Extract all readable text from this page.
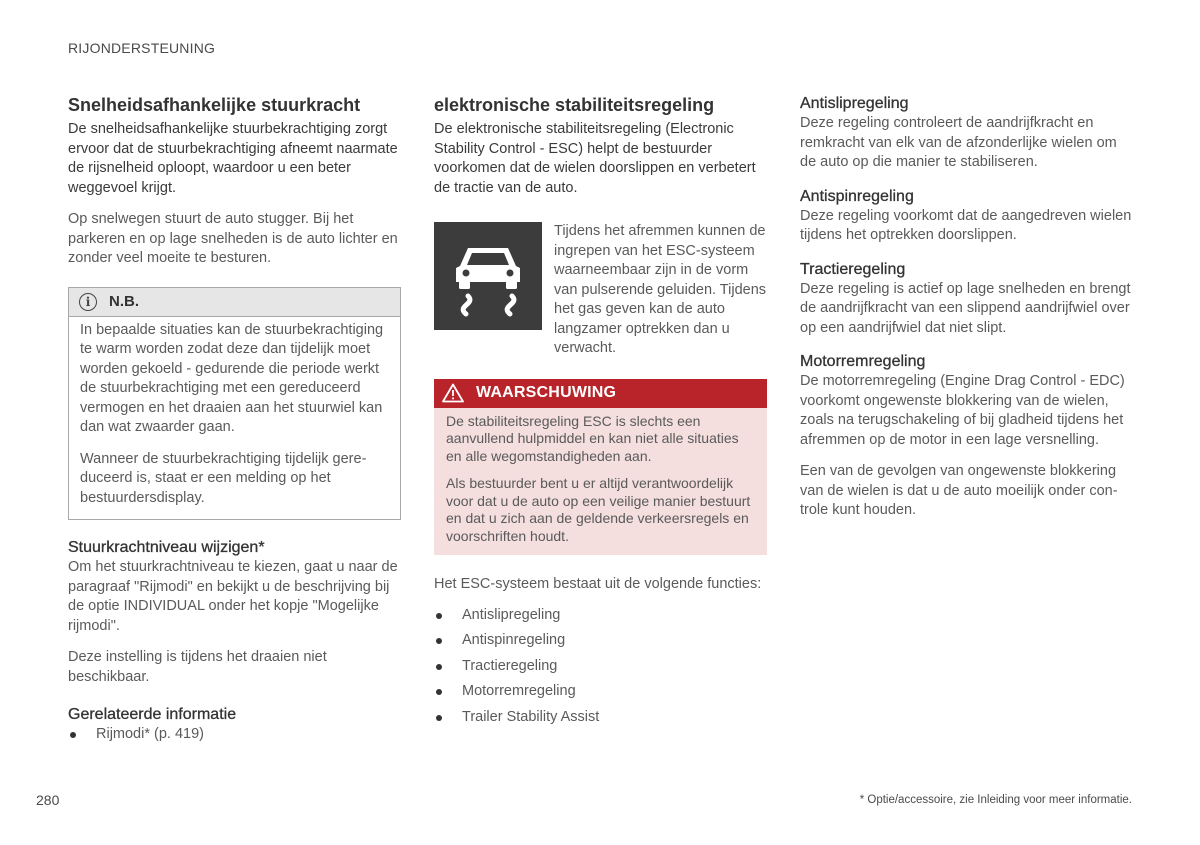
RIJONDERSTEUNING
Snelheidsafhankelijke stuurkracht

De snelheidsafhankelijke stuurbekrachtiging zorgt ervoor dat de stuurbekrachtiging afneemt naarmate de rijsnelheid oploopt, waardoor u een beter weggevoel krijgt.

Op snelwegen stuurt de auto stugger. Bij het parkeren en op lage snelheden is de auto lichter en zonder veel moeite te besturen.

i	N.B.

In bepaalde situaties kan de stuurbekrachtiging te warm worden zodat deze dan tijdelijk moet worden gekoeld - gedurende die periode werkt de stuurbekrachtiging met een gereduceerd vermogen en het draaien aan het stuurwiel kan dan wat zwaarder gaan.

Wanneer de stuurbekrachtiging tijdelijk gereduceerd is, staat er een melding op het bestuurdersdisplay.

Stuurkrachtniveau wijzigen*

Om het stuurkrachtniveau te kiezen, gaat u naar de paragraaf "Rijmodi" en bekijkt u de beschrijving bij de optie INDIVIDUAL onder het kopje "Mogelijke rijmodi".

Deze instelling is tijdens het draaien niet beschikbaar.

Gerelateerde informatie
Rijmodi* (p. 419)
elektronische stabiliteitsregeling

De elektronische stabiliteitsregeling (Electronic Stability Control - ESC) helpt de bestuurder voorkomen dat de wielen doorslippen en verbetert de tractie van de auto.

Tijdens het afremmen kunnen de ingrepen van het ESC-systeem waarneembaar zijn in de vorm van pulserende geluiden. Tijdens het gas geven kan de auto langzamer optrekken dan u verwacht.

WAARSCHUWING

De stabiliteitsregeling ESC is slechts een aanvullend hulpmiddel en kan niet alle situaties en alle wegomstandigheden aan.

Als bestuurder bent u er altijd verantwoordelijk voor dat u de auto op een veilige manier bestuurt en dat u zich aan de geldende verkeersregels en voorschriften houdt.

Het ESC-systeem bestaat uit de volgende functies:

Antislipregeling
Antispinregeling
Tractieregeling
Motorremregeling
Trailer Stability Assist
Antislipregeling

Deze regeling controleert de aandrijfkracht en remkracht van elk van de afzonderlijke wielen om de auto op die manier te stabiliseren.

Antispinregeling

Deze regeling voorkomt dat de aangedreven wielen tijdens het optrekken doorslippen.

Tractieregeling

Deze regeling is actief op lage snelheden en brengt de aandrijfkracht van een slippend aandrijfwiel over op een aandrijfwiel dat niet slipt.

Motorremregeling

De motorremregeling (Engine Drag Control - EDC) voorkomt ongewenste blokkering van de wielen, zoals na terugschakeling of bij gladheid tijdens het afremmen op de motor in een lage versnelling.

Een van de gevolgen van ongewenste blokkering van de wielen is dat u de auto moeilijk onder controle kunt houden.

280	* Optie/accessoire, zie Inleiding voor meer informatie.
